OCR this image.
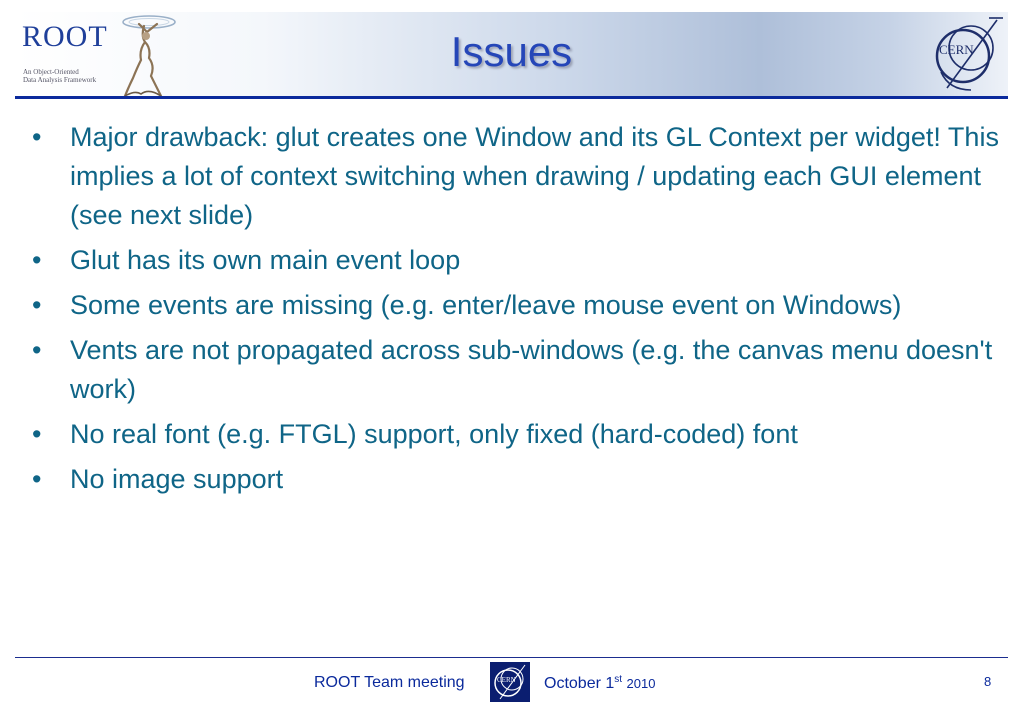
ROOT
An Object-Oriented
Data Analysis Framework
CERN
Issues
•	Major drawback: glut creates one Window and its GL Context per widget! This implies a lot of context switching when drawing / updating each GUI element (see next slide)
•	Glut has its own main event loop
•	Some events are missing (e.g. enter/leave mouse event on Windows)
•	Vents are not propagated across sub-windows (e.g. the canvas menu doesn't work)
•	No real font (e.g. FTGL) support, only fixed (hard-coded) font
•	No image support
ROOT Team meeting	CERN October 1st 2010	8
